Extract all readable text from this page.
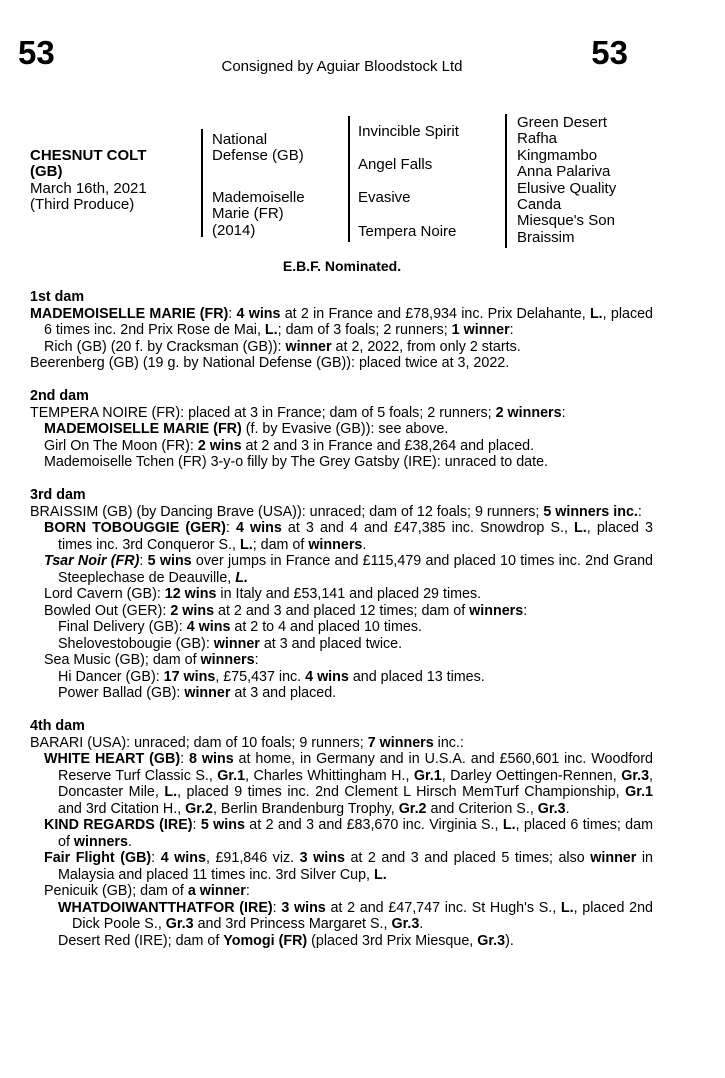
53	Consigned by Aguiar Bloodstock Ltd	53
CHESNUT COLT
(GB)
March 16th, 2021
(Third Produce)
National
Defense (GB)
Mademoiselle
Marie (FR)
(2014)
Invincible Spirit
Angel Falls
Evasive
Tempera Noire
Green Desert
Rafha
Kingmambo
Anna Palariva
Elusive Quality
Canda
Miesque's Son
Braissim
E.B.F. Nominated.
1st dam
MADEMOISELLE MARIE (FR): 4 wins at 2 in France and £78,934 inc. Prix Delahante, L., placed 6 times inc. 2nd Prix Rose de Mai, L.; dam of 3 foals; 2 runners; 1 winner:
Rich (GB) (20 f. by Cracksman (GB)): winner at 2, 2022, from only 2 starts.
Beerenberg (GB) (19 g. by National Defense (GB)): placed twice at 3, 2022.
2nd dam
TEMPERA NOIRE (FR): placed at 3 in France; dam of 5 foals; 2 runners; 2 winners:
MADEMOISELLE MARIE (FR) (f. by Evasive (GB)): see above.
Girl On The Moon (FR): 2 wins at 2 and 3 in France and £38,264 and placed.
Mademoiselle Tchen (FR) 3-y-o filly by The Grey Gatsby (IRE): unraced to date.
3rd dam
BRAISSIM (GB) (by Dancing Brave (USA)): unraced; dam of 12 foals; 9 runners; 5 winners inc.:
BORN TOBOUGGIE (GER): 4 wins at 3 and 4 and £47,385 inc. Snowdrop S., L., placed 3 times inc. 3rd Conqueror S., L.; dam of winners.
Tsar Noir (FR): 5 wins over jumps in France and £115,479 and placed 10 times inc. 2nd Grand Steeplechase de Deauville, L.
Lord Cavern (GB): 12 wins in Italy and £53,141 and placed 29 times.
Bowled Out (GER): 2 wins at 2 and 3 and placed 12 times; dam of winners:
Final Delivery (GB): 4 wins at 2 to 4 and placed 10 times.
Shelovestobougie (GB): winner at 3 and placed twice.
Sea Music (GB); dam of winners:
Hi Dancer (GB): 17 wins, £75,437 inc. 4 wins and placed 13 times.
Power Ballad (GB): winner at 3 and placed.
4th dam
BARARI (USA): unraced; dam of 10 foals; 9 runners; 7 winners inc.:
WHITE HEART (GB): 8 wins at home, in Germany and in U.S.A. and £560,601 inc. Woodford Reserve Turf Classic S., Gr.1, Charles Whittingham H., Gr.1, Darley Oettingen-Rennen, Gr.3, Doncaster Mile, L., placed 9 times inc. 2nd Clement L Hirsch MemTurf Championship, Gr.1 and 3rd Citation H., Gr.2, Berlin Brandenburg Trophy, Gr.2 and Criterion S., Gr.3.
KIND REGARDS (IRE): 5 wins at 2 and 3 and £83,670 inc. Virginia S., L., placed 6 times; dam of winners.
Fair Flight (GB): 4 wins, £91,846 viz. 3 wins at 2 and 3 and placed 5 times; also winner in Malaysia and placed 11 times inc. 3rd Silver Cup, L.
Penicuik (GB); dam of a winner:
WHATDOIWANTTHATFOR (IRE): 3 wins at 2 and £47,747 inc. St Hugh's S., L., placed 2nd Dick Poole S., Gr.3 and 3rd Princess Margaret S., Gr.3.
Desert Red (IRE); dam of Yomogi (FR) (placed 3rd Prix Miesque, Gr.3).
